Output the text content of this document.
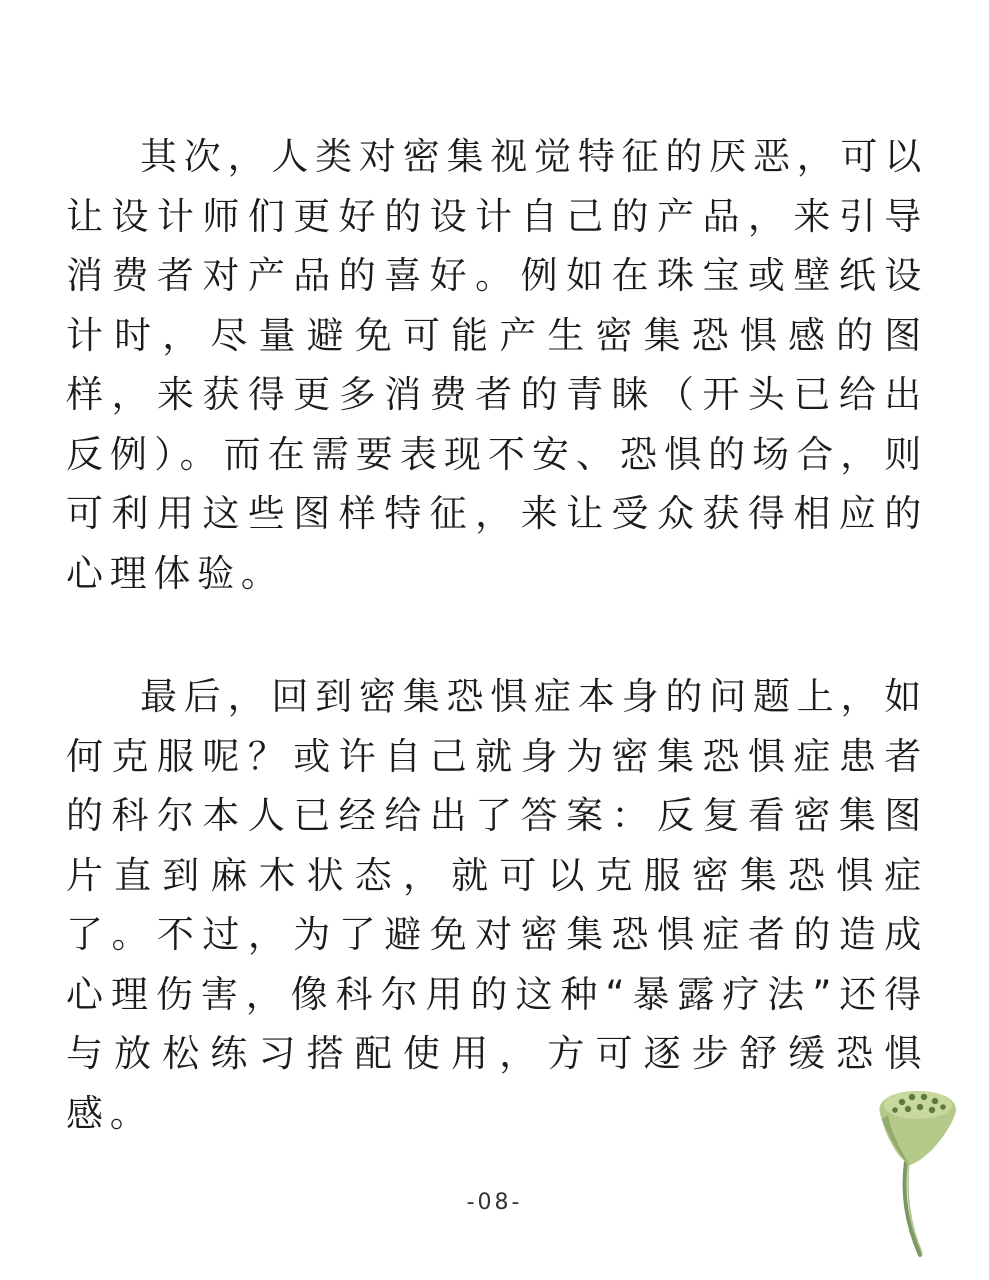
其次，人类对密集视觉特征的厌恶，可以让设计师们更好的设计自己的产品，来引导消费者对产品的喜好。例如在珠宝或壁纸设计时，尽量避免可能产生密集恐惧感的图样，来获得更多消费者的青睐（开头已给出反例）。而在需要表现不安、恐惧的场合，则可利用这些图样特征，来让受众获得相应的心理体验。

最后，回到密集恐惧症本身的问题上，如何克服呢？或许自己就身为密集恐惧症患者的科尔本人已经给出了答案：反复看密集图片直到麻木状态，就可以克服密集恐惧症了。不过，为了避免对密集恐惧症者的造成心理伤害，像科尔用的这种“暴露疗法”还得与放松练习搭配使用，方可逐步舒缓恐惧感。

-08-
